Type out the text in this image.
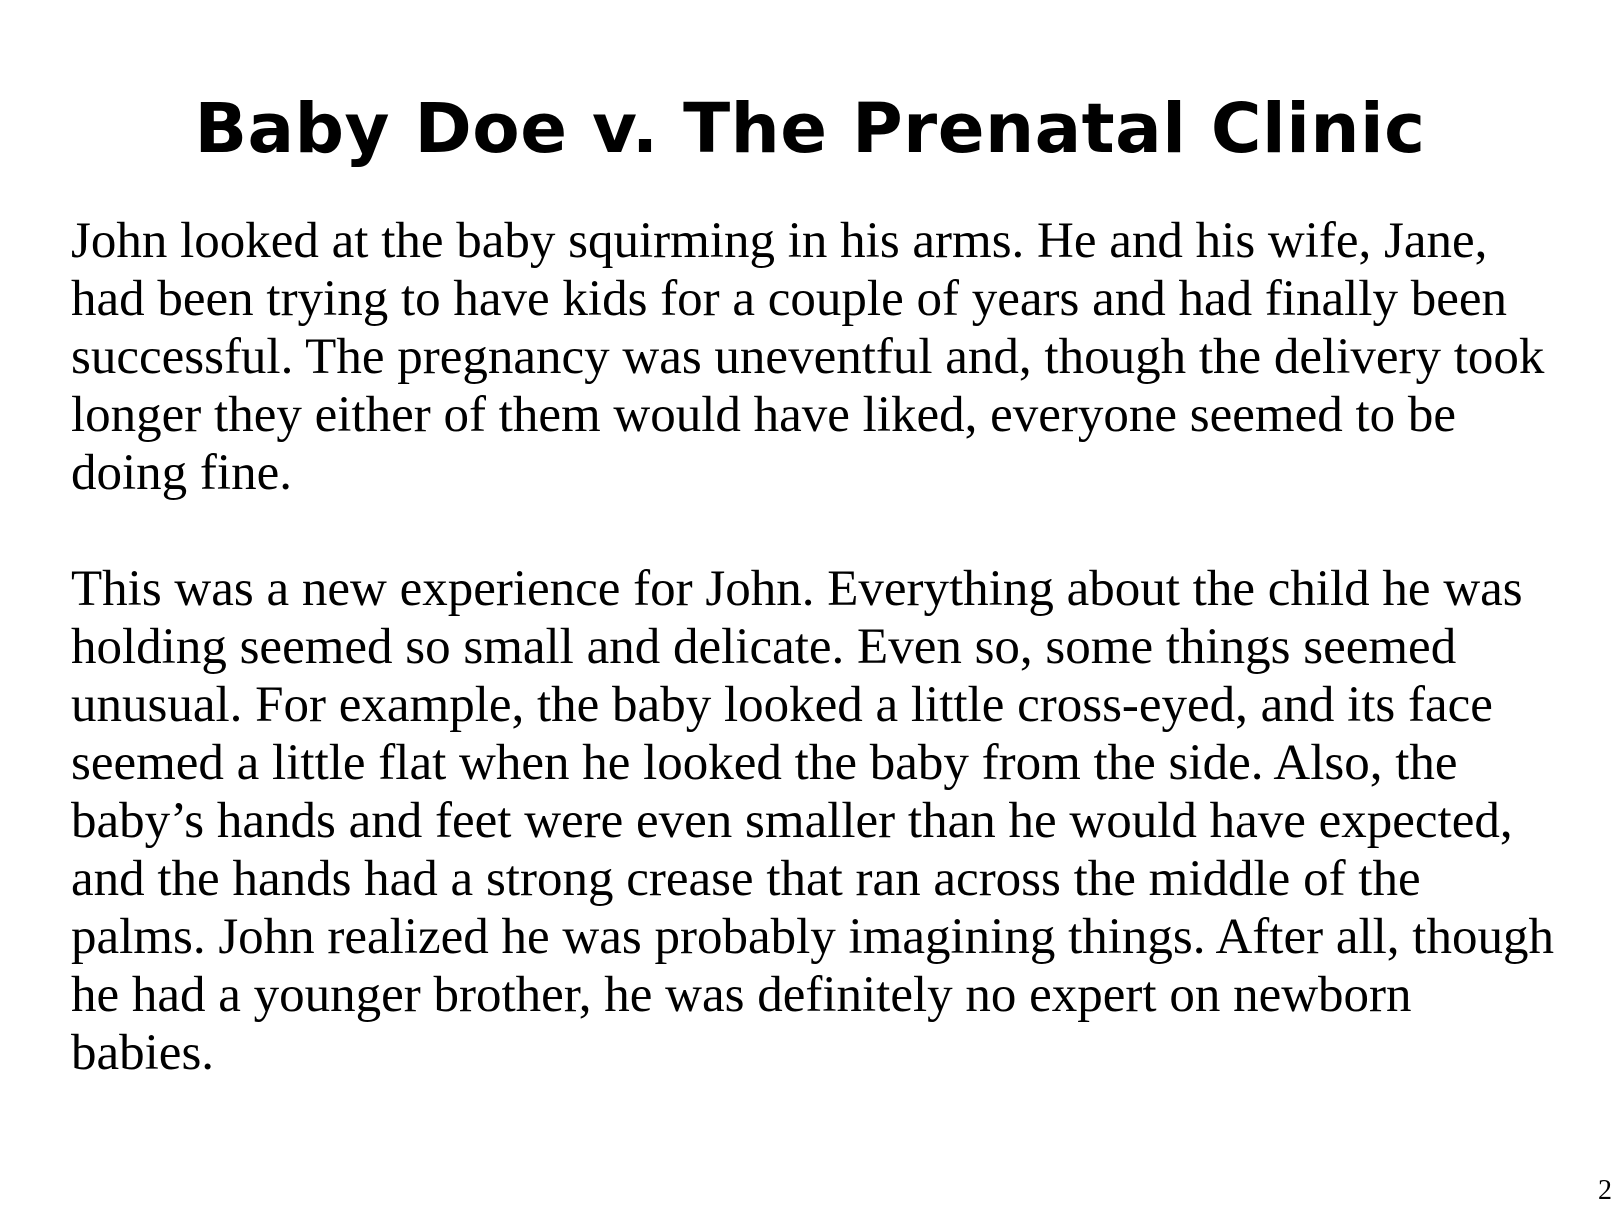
Baby Doe v. The Prenatal Clinic

John looked at the baby squirming in his arms. He and his wife, Jane, had been trying to have kids for a couple of years and had finally been successful. The pregnancy was uneventful and, though the delivery took longer they either of them would have liked, everyone seemed to be doing fine.

This was a new experience for John. Everything about the child he was holding seemed so small and delicate. Even so, some things seemed unusual. For example, the baby looked a little cross-eyed, and its face seemed a little flat when he looked the baby from the side. Also, the baby’s hands and feet were even smaller than he would have expected, and the hands had a strong crease that ran across the middle of the palms. John realized he was probably imagining things. After all, though he had a younger brother, he was definitely no expert on newborn babies.

2
